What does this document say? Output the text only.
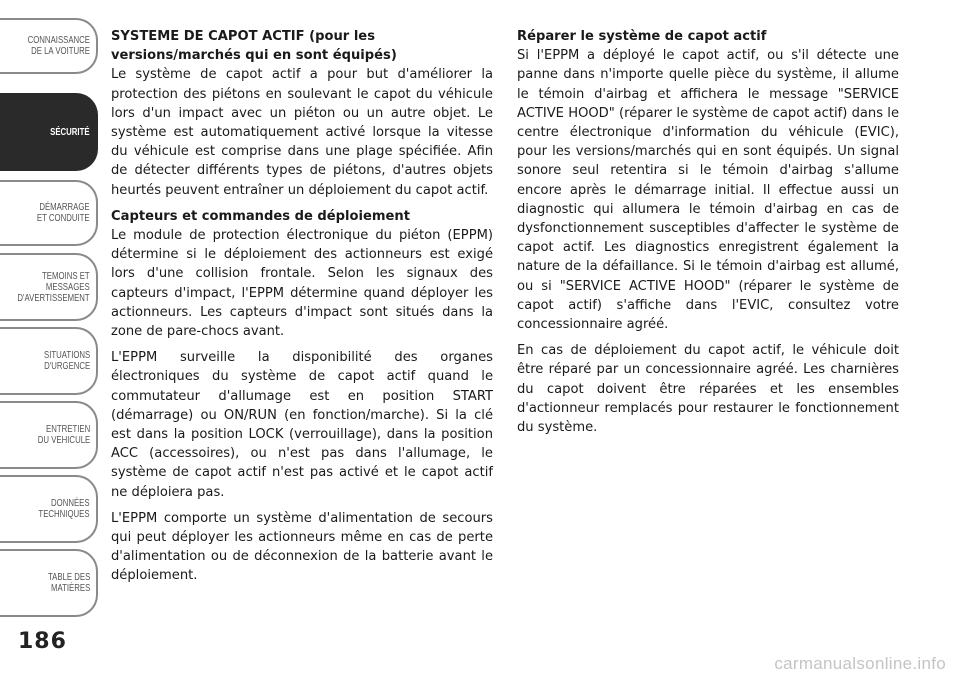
CONNAISSANCE
DE LA VOITURE
SÉCURITÉ
DÉMARRAGE
ET CONDUITE
TEMOINS ET
MESSAGES
D'AVERTISSEMENT
SITUATIONS
D'URGENCE
ENTRETIEN
DU VEHICULE
DONNÉES
TECHNIQUES
TABLE DES
MATIÈRES
186
SYSTEME DE CAPOT ACTIF (pour les versions/marchés qui en sont équipés)

Le système de capot actif a pour but d'améliorer la protection des piétons en soulevant le capot du véhicule lors d'un impact avec un piéton ou un autre objet. Le système est automatiquement activé lorsque la vitesse du véhicule est comprise dans une plage spécifiée. Afin de détecter différents types de piétons, d'autres objets heurtés peuvent entraîner un déploiement du capot actif.

Capteurs et commandes de déploiement

Le module de protection électronique du piéton (EPPM) détermine si le déploiement des actionneurs est exigé lors d'une collision frontale. Selon les signaux des capteurs d'impact, l'EPPM détermine quand déployer les actionneurs. Les capteurs d'impact sont situés dans la zone de pare-chocs avant.

L'EPPM surveille la disponibilité des organes électroniques du système de capot actif quand le commutateur d'allumage est en position START (démarrage) ou ON/RUN (en fonction/marche). Si la clé est dans la position LOCK (verrouillage), dans la position ACC (accessoires), ou n'est pas dans l'allumage, le système de capot actif n'est pas activé et le capot actif ne déploiera pas.

L'EPPM comporte un système d'alimentation de secours qui peut déployer les actionneurs même en cas de perte d'alimentation ou de déconnexion de la batterie avant le déploiement.

Réparer le système de capot actif

Si l'EPPM a déployé le capot actif, ou s'il détecte une panne dans n'importe quelle pièce du système, il allume le témoin d'airbag et affichera le message "SERVICE ACTIVE HOOD" (réparer le système de capot actif) dans le centre électronique d'information du véhicule (EVIC), pour les versions/marchés qui en sont équipés. Un signal sonore seul retentira si le témoin d'airbag s'allume encore après le démarrage initial. Il effectue aussi un diagnostic qui allumera le témoin d'airbag en cas de dysfonctionnement susceptibles d'affecter le système de capot actif. Les diagnostics enregistrent également la nature de la défaillance. Si le témoin d'airbag est allumé, ou si "SERVICE ACTIVE HOOD" (réparer le système de capot actif) s'affiche dans l'EVIC, consultez votre concessionnaire agréé.

En cas de déploiement du capot actif, le véhicule doit être réparé par un concessionnaire agréé. Les charnières du capot doivent être réparées et les ensembles d'actionneur remplacés pour restaurer le fonctionnement du système.

carmanualsonline.info
